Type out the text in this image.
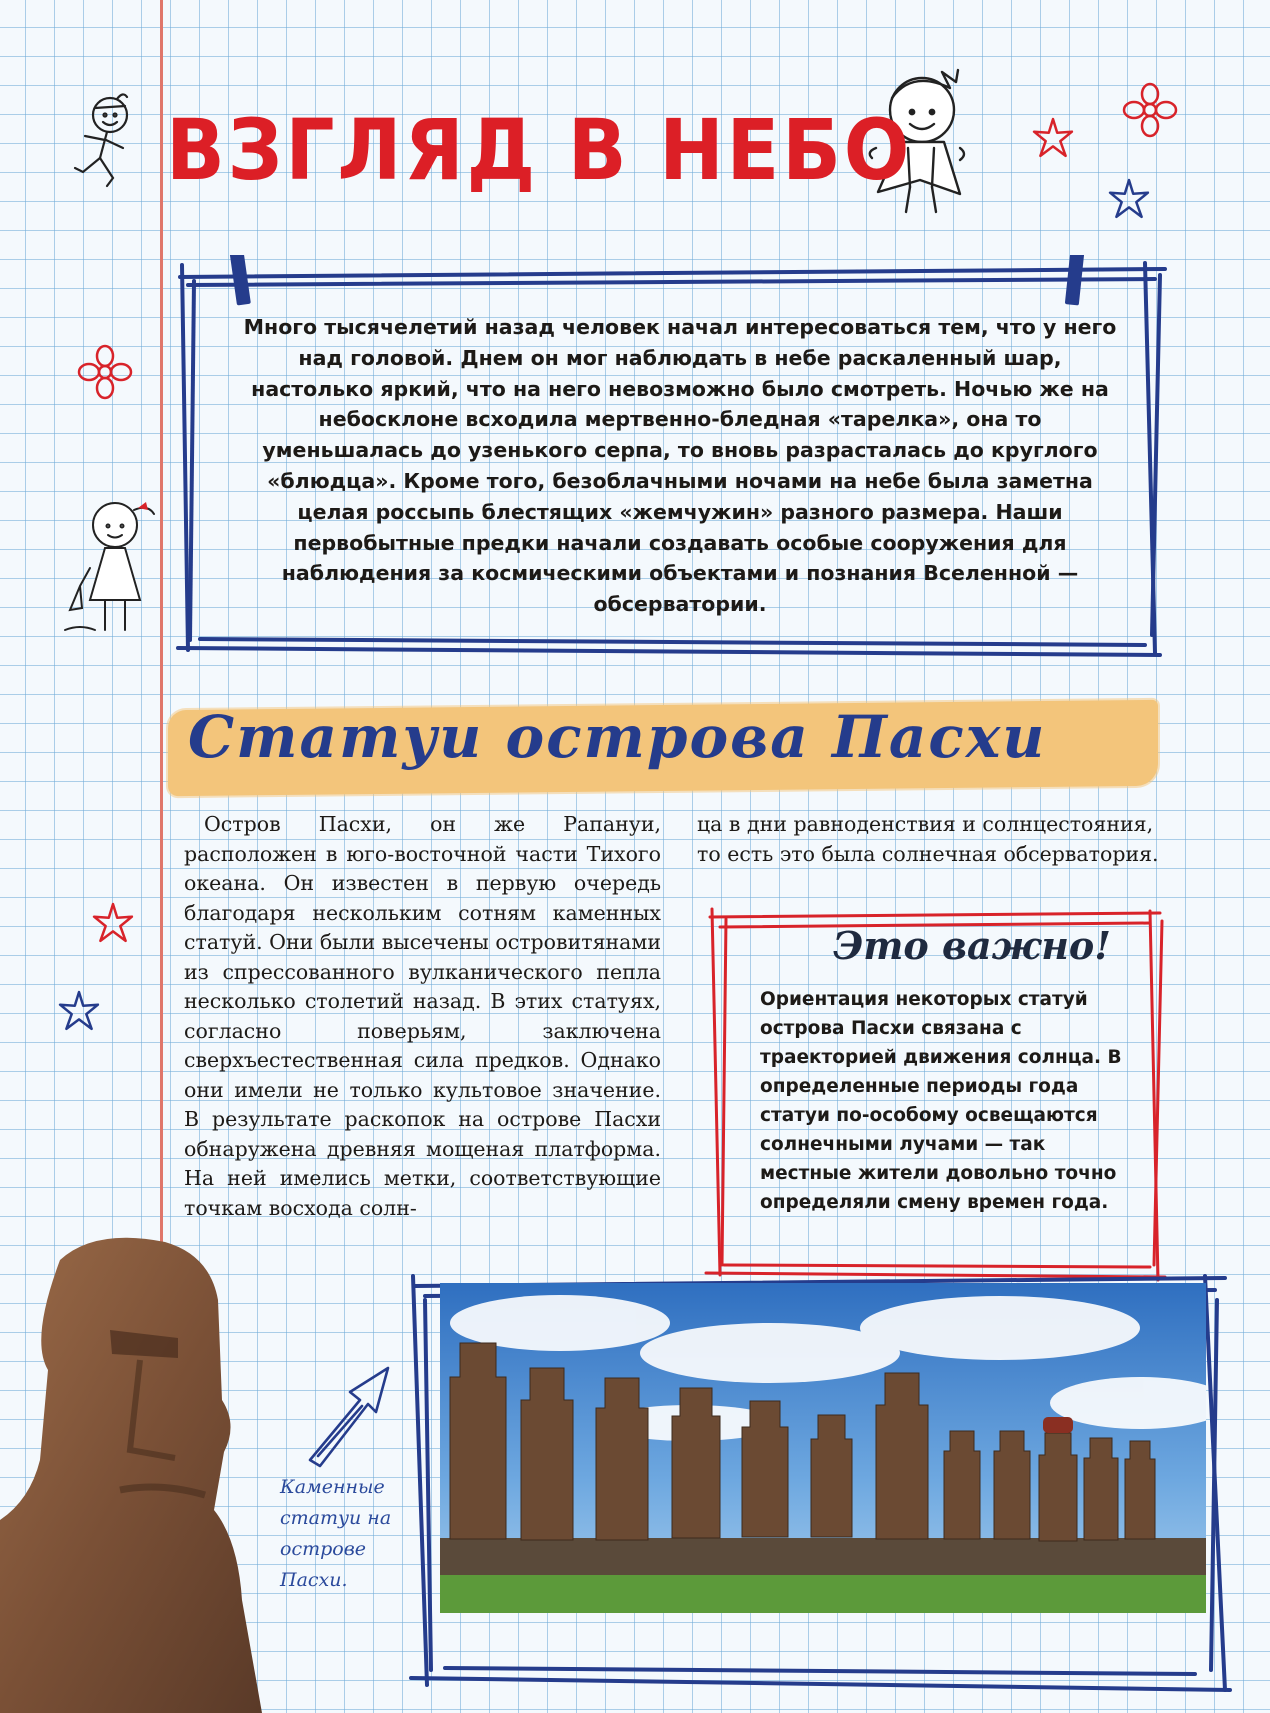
ВЗГЛЯД В НЕБО

Много тысячелетий назад человек начал интересоваться тем, что у него над головой. Днем он мог наблюдать в небе раскаленный шар, настолько яркий, что на него невозможно было смотреть. Ночью же на небосклоне всходила мертвенно-бледная «тарелка», она то уменьшалась до узенького серпа, то вновь разрасталась до круглого «блюдца». Кроме того, безоблачными ночами на небе была заметна целая россыпь блестящих «жемчужин» разного размера. Наши первобытные предки начали создавать особые сооружения для наблюдения за космическими объектами и познания Вселенной — обсерватории.

Статуи острова Пасхи

Остров Пасхи, он же Рапануи, расположен в юго-восточной части Тихого океана. Он известен в первую очередь благодаря нескольким сотням каменных статуй. Они были высечены островитянами из спрессованного вулканического пепла несколько столетий назад. В этих статуях, согласно поверьям, заключена сверхъестественная сила предков. Однако они имели не только культовое значение. В результате раскопок на острове Пасхи обнаружена древняя мощеная платформа. На ней имелись метки, соответствующие точкам восхода солн-

ца в дни равноденствия и солнцестояния, то есть это была солнечная обсерватория.

Это важно!

Ориентация некоторых статуй острова Пасхи связана с траекторией движения солнца. В определенные периоды года статуи по-особому освещаются солнечными лучами — так местные жители довольно точно определяли смену времен года.

Каменные статуи на острове Пасхи.
